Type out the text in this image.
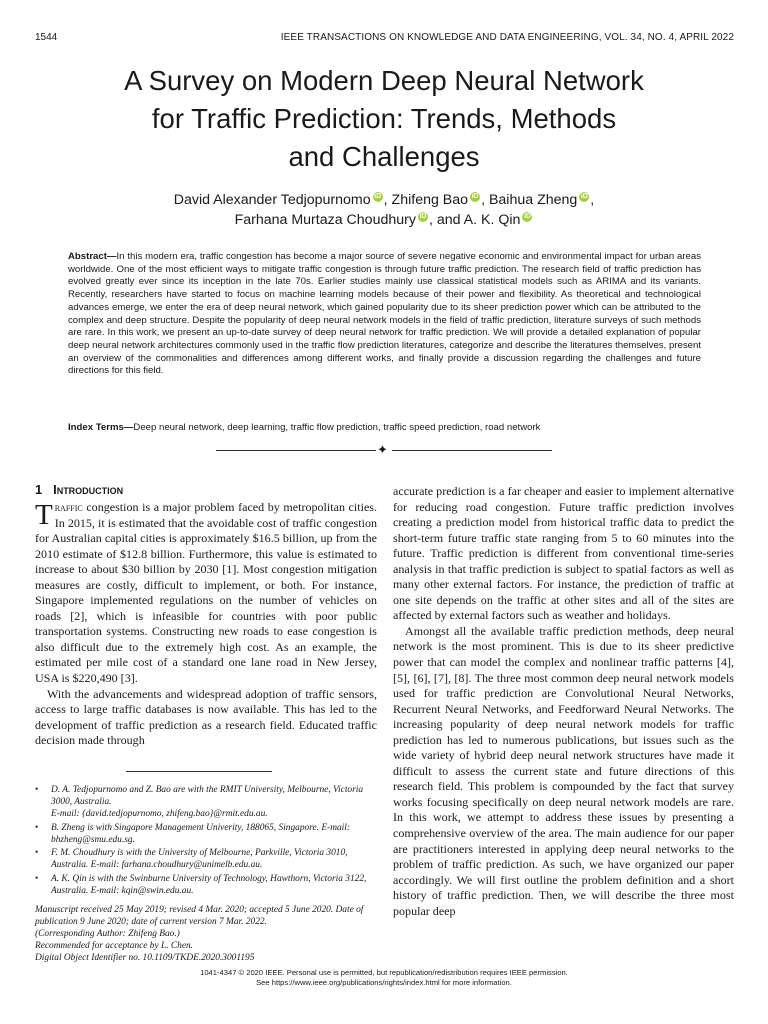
1544	IEEE TRANSACTIONS ON KNOWLEDGE AND DATA ENGINEERING, VOL. 34, NO. 4, APRIL 2022
A Survey on Modern Deep Neural Network
for Traffic Prediction: Trends, Methods
and Challenges
David Alexander Tedjopurnomo iD , Zhifeng Bao iD , Baihua Zheng iD ,
Farhana Murtaza Choudhury iD , and A. K. Qin iD
Abstract—In this modern era, traffic congestion has become a major source of severe negative economic and environmental impact for urban areas worldwide. One of the most efficient ways to mitigate traffic congestion is through future traffic prediction. The research field of traffic prediction has evolved greatly ever since its inception in the late 70s. Earlier studies mainly use classical statistical models such as ARIMA and its variants. Recently, researchers have started to focus on machine learning models because of their power and flexibility. As theoretical and technological advances emerge, we enter the era of deep neural network, which gained popularity due to its sheer prediction power which can be attributed to the complex and deep structure. Despite the popularity of deep neural network models in the field of traffic prediction, literature surveys of such methods are rare. In this work, we present an up-to-date survey of deep neural network for traffic prediction. We will provide a detailed explanation of popular deep neural network architectures commonly used in the traffic flow prediction literatures, categorize and describe the literatures themselves, present an overview of the commonalities and differences among different works, and finally provide a discussion regarding the challenges and future directions for this field.
Index Terms—Deep neural network, deep learning, traffic flow prediction, traffic speed prediction, road network
✦
1 Introduction

Traffic congestion is a major problem faced by metropolitan cities. In 2015, it is estimated that the avoidable cost of traffic congestion for Australian capital cities is approximately $16.5 billion, up from the 2010 estimate of $12.8 billion. Furthermore, this value is estimated to increase to about $30 billion by 2030 [1]. Most congestion mitigation measures are costly, difficult to implement, or both. For instance, Singapore implemented regulations on the number of vehicles on roads [2], which is infeasible for countries with poor public transportation systems. Constructing new roads to ease congestion is also difficult due to the extremely high cost. As an example, the estimated per mile cost of a standard one lane road in New Jersey, USA is $220,490 [3].

With the advancements and widespread adoption of traffic sensors, access to large traffic databases is now available. This has led to the development of traffic prediction as a research field. Educated traffic decision made through

• D. A. Tedjopurnomo and Z. Bao are with the RMIT University, Melbourne, Victoria 3000, Australia.
E-mail: {david.tedjopurnomo, zhifeng.bao}@rmit.edu.au.
• B. Zheng is with Singapore Management Univerity, 188065, Singapore. E-mail: bhzheng@smu.edu.sg.
• F. M. Choudhury is with the University of Melbourne, Parkville, Victoria 3010, Australia. E-mail: farhana.choudhury@unimelb.edu.au.
• A. K. Qin is with the Swinburne University of Technology, Hawthorn, Victoria 3122, Australia. E-mail: kqin@swin.edu.au.

Manuscript received 25 May 2019; revised 4 Mar. 2020; accepted 5 June 2020. Date of publication 9 June 2020; date of current version 7 Mar. 2022.

(Corresponding Author: Zhifeng Bao.)

Recommended for acceptance by L. Chen.

Digital Object Identifier no. 10.1109/TKDE.2020.3001195

accurate prediction is a far cheaper and easier to implement alternative for reducing road congestion. Future traffic prediction involves creating a prediction model from historical traffic data to predict the short-term future traffic state ranging from 5 to 60 minutes into the future. Traffic prediction is different from conventional time-series analysis in that traffic prediction is subject to spatial factors as well as many other external factors. For instance, the prediction of traffic at one site depends on the traffic at other sites and all of the sites are affected by external factors such as weather and holidays.

Amongst all the available traffic prediction methods, deep neural network is the most prominent. This is due to its sheer predictive power that can model the complex and nonlinear traffic patterns [4], [5], [6], [7], [8]. The three most common deep neural network models used for traffic prediction are Convolutional Neural Networks, Recurrent Neural Networks, and Feedforward Neural Networks. The increasing popularity of deep neural network models for traffic prediction has led to numerous publications, but issues such as the wide variety of hybrid deep neural network structures have made it difficult to assess the current state and future directions of this research field. This problem is compounded by the fact that survey works focusing specifically on deep neural network models are rare. In this work, we attempt to address these issues by presenting a comprehensive overview of the area. The main audience for our paper are practitioners interested in applying deep neural networks to the problem of traffic prediction. As such, we have organized our paper accordingly. We will first outline the problem definition and a short history of traffic prediction. Then, we will describe the three most popular deep

1041-4347 © 2020 IEEE. Personal use is permitted, but republication/redistribution requires IEEE permission.
See https://www.ieee.org/publications/rights/index.html for more information.
